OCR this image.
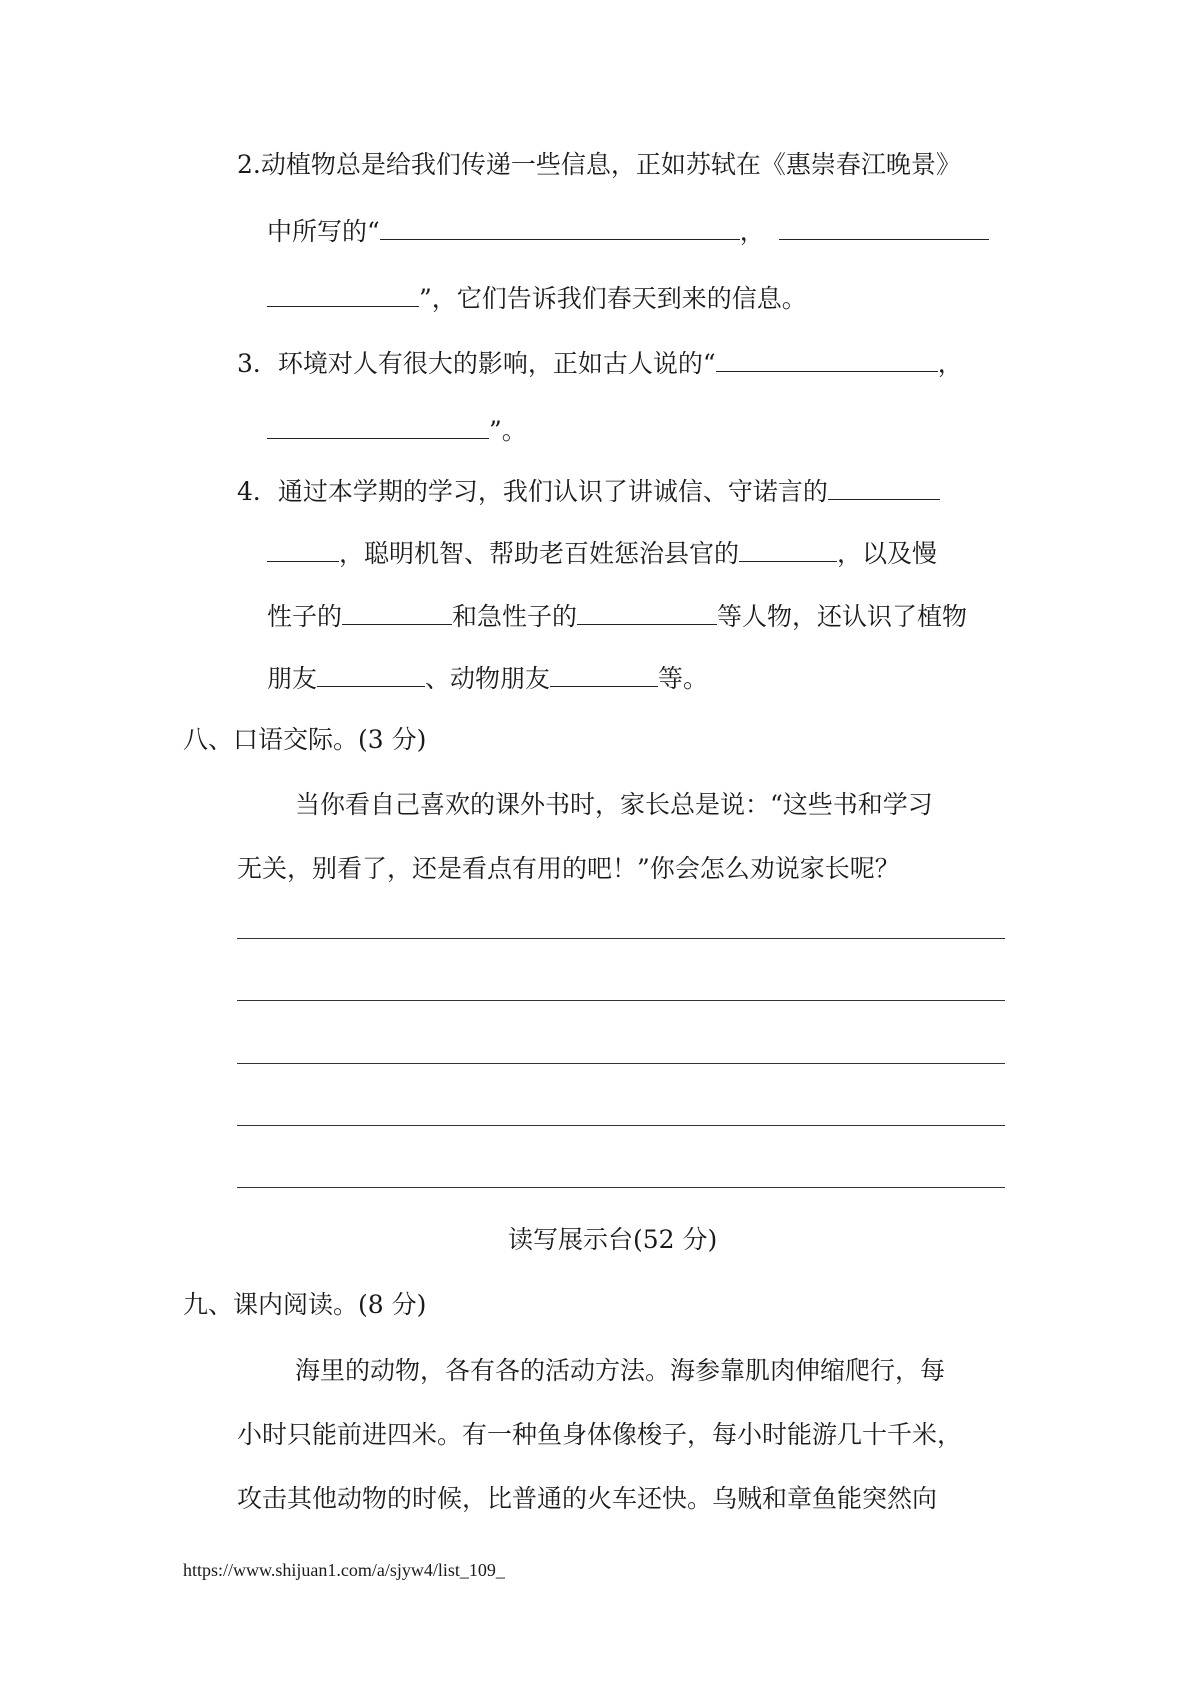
2.动植物总是给我们传递一些信息，正如苏轼在《惠崇春江晚景》
中所写的“	，
”，它们告诉我们春天到来的信息。
3．环境对人有很大的影响，正如古人说的“	，
”。
4．通过本学期的学习，我们认识了讲诚信、守诺言的
，聪明机智、帮助老百姓惩治县官的	，以及慢
性子的	和急性子的	等人物，还认识了植物
朋友	、动物朋友	等。
八、口语交际。(3 分)
当你看自己喜欢的课外书时，家长总是说：“这些书和学习
无关，别看了，还是看点有用的吧！”你会怎么劝说家长呢？
读写展示台(52 分)
九、课内阅读。(8 分)
海里的动物，各有各的活动方法。海参靠肌肉伸缩爬行，每
小时只能前进四米。有一种鱼身体像梭子，每小时能游几十千米，
攻击其他动物的时候，比普通的火车还快。乌贼和章鱼能突然向
https://www.shijuan1.com/a/sjyw4/list_109_
